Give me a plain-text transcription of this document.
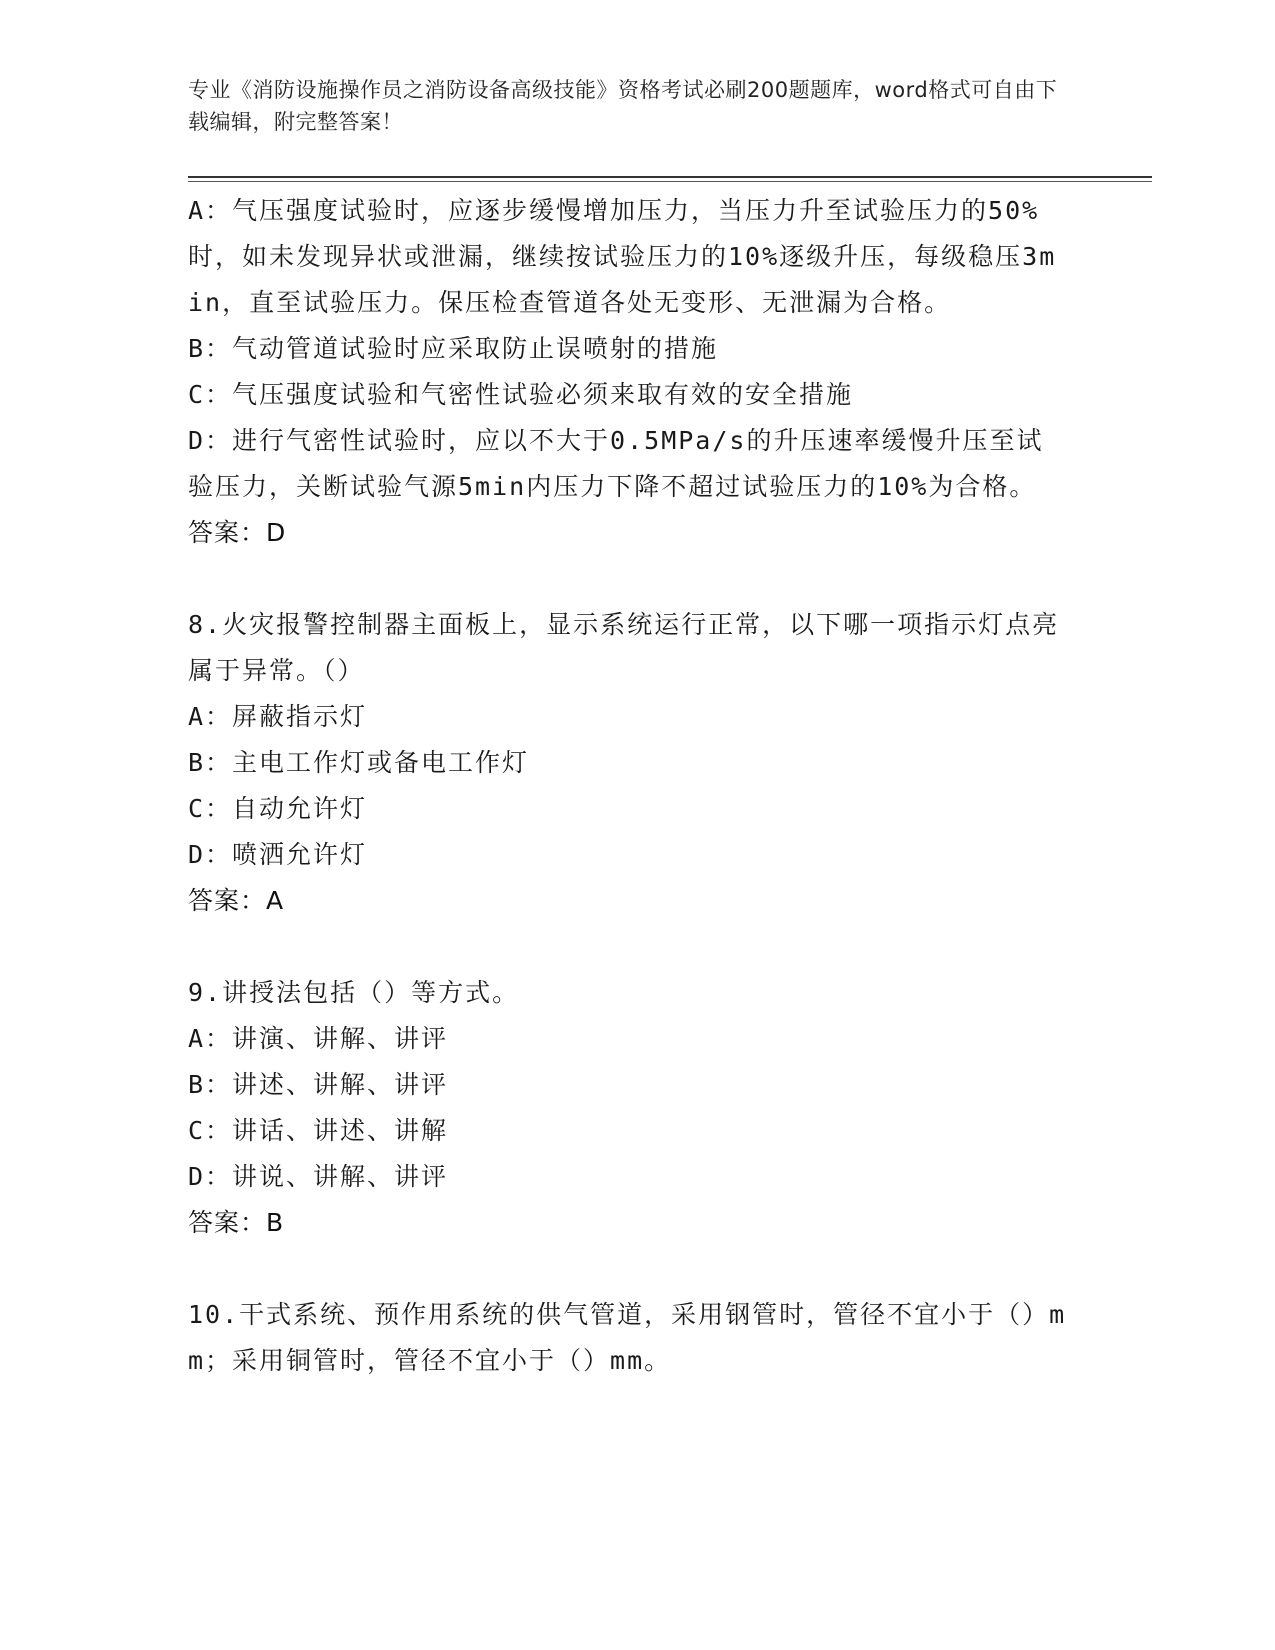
专业《消防设施操作员之消防设备高级技能》资格考试必刷200题题库，word格式可自由下载编辑，附完整答案！
A：气压强度试验时，应逐步缓慢增加压力，当压力升至试验压力的50%时，如未发现异状或泄漏，继续按试验压力的10%逐级升压，每级稳压3min，直至试验压力。保压检查管道各处无变形、无泄漏为合格。
B：气动管道试验时应采取防止误喷射的措施
C：气压强度试验和气密性试验必须来取有效的安全措施
D：进行气密性试验时，应以不大于0.5MPa/s的升压速率缓慢升压至试验压力，关断试验气源5min内压力下降不超过试验压力的10%为合格。
答案：D
8.火灾报警控制器主面板上，显示系统运行正常，以下哪一项指示灯点亮属于异常。（）
A：屏蔽指示灯
B：主电工作灯或备电工作灯
C：自动允许灯
D：喷洒允许灯
答案：A
9.讲授法包括（）等方式。
A：讲演、讲解、讲评
B：讲述、讲解、讲评
C：讲话、讲述、讲解
D：讲说、讲解、讲评
答案：B
10.干式系统、预作用系统的供气管道，采用钢管时，管径不宜小于（）mm；采用铜管时，管径不宜小于（）mm。
